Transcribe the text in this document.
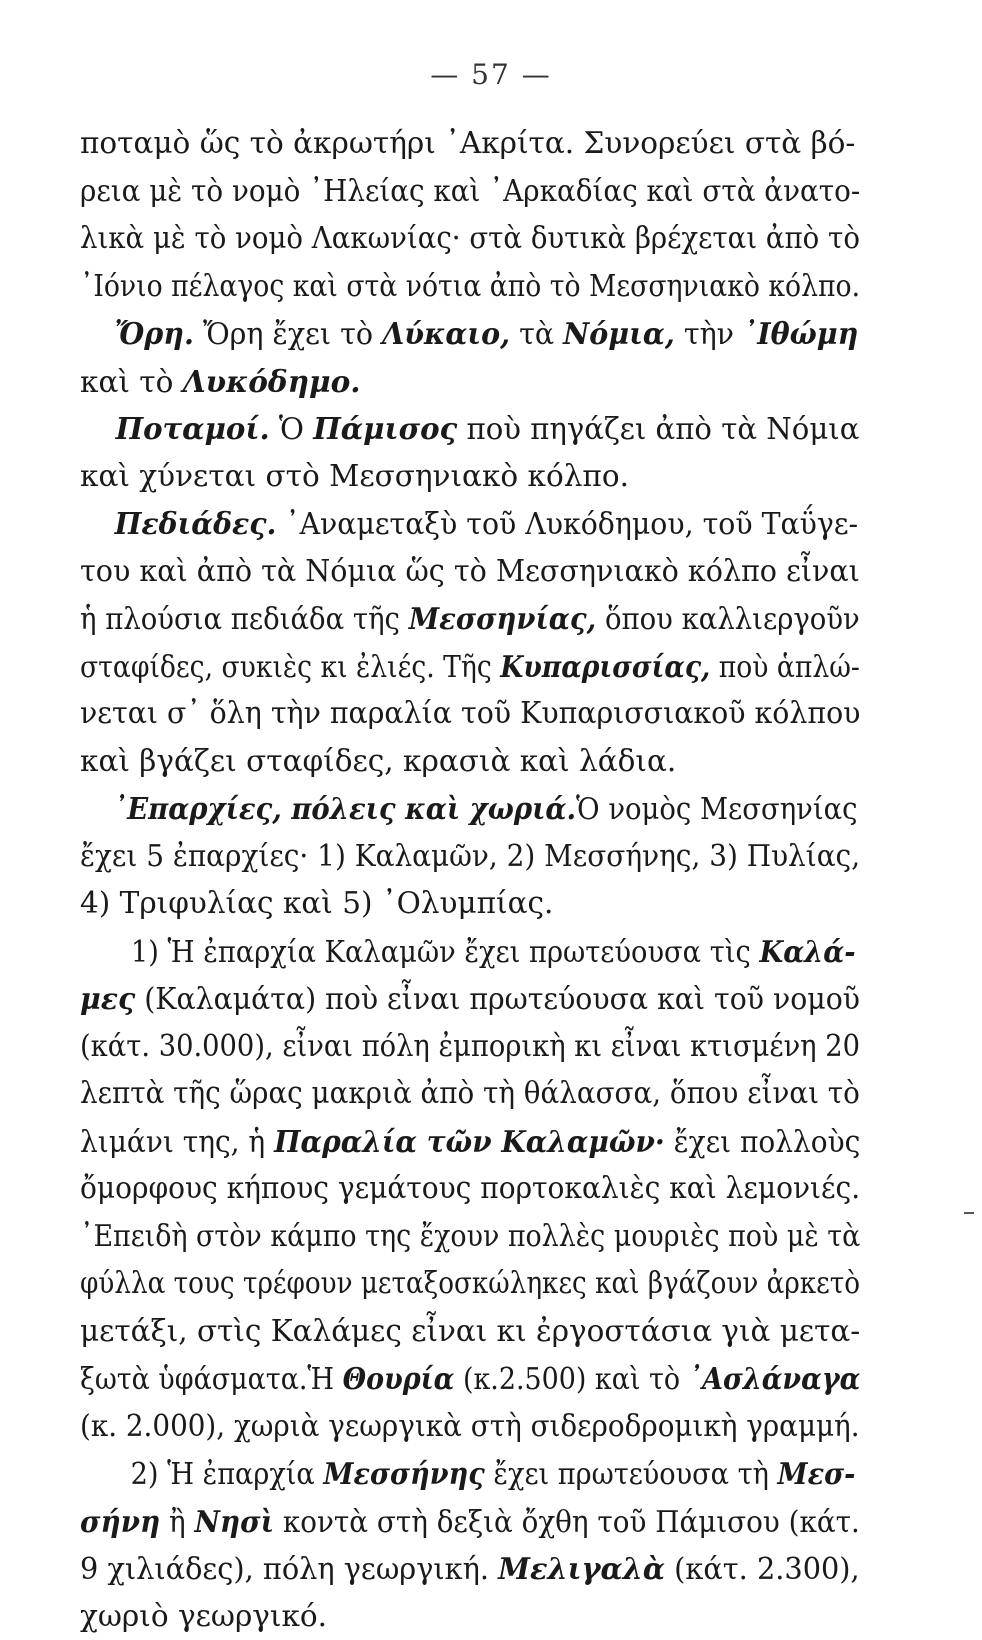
— 57 —
ποταμὸ ὥς τὸ ἀκρωτήρι ᾿Ακρίτα. Συνορεύει στὰ βό-
ρεια μὲ τὸ νομὸ ᾿Ηλείας καὶ ᾿Αρκαδίας καὶ στὰ ἀνατο-
λικὰ μὲ τὸ νομὸ Λακωνίας· στὰ δυτικὰ βρέχεται ἀπὸ τὸ
᾿Ιόνιο πέλαγος καὶ στὰ νότια ἀπὸ τὸ Μεσσηνιακὸ κόλπο.
Ὄρη. Ὄρη ἔχει τὸ Λύκαιο, τὰ Νόμια, τὴν ᾿Ιθώμη
καὶ τὸ Λυκόδημο.
Ποταμοί. Ὁ Πάμισος ποὺ πηγάζει ἀπὸ τὰ Νόμια
καὶ χύνεται στὸ Μεσσηνιακὸ κόλπο.
Πεδιάδες. ᾿Αναμεταξὺ τοῦ Λυκόδημου, τοῦ Ταΰγε-
του καὶ ἀπὸ τὰ Νόμια ὥς τὸ Μεσσηνιακὸ κόλπο εἶναι
ἡ πλούσια πεδιάδα τῆς Μεσσηνίας, ὅπου καλλιεργοῦν
σταφίδες, συκιὲς κι ἐλιές. Τῆς Κυπαρισσίας, ποὺ ἁπλώ-
νεται σ᾿ ὅλη τὴν παραλία τοῦ Κυπαρισσιακοῦ κόλπου
καὶ βγάζει σταφίδες, κρασιὰ καὶ λάδια.
᾿Επαρχίες, πόλεις καὶ χωριά.Ὁ νομὸς Μεσσηνίας
ἔχει 5 ἐπαρχίες· 1) Καλαμῶν, 2) Μεσσήνης, 3) Πυλίας,
4) Τριφυλίας καὶ 5) ᾿Ολυμπίας.
1) Ἡ ἐπαρχία Καλαμῶν ἔχει πρωτεύουσα τὶς Καλά-
μες (Καλαμάτα) ποὺ εἶναι πρωτεύουσα καὶ τοῦ νομοῦ
(κάτ. 30.000), εἶναι πόλη ἐμπορικὴ κι εἶναι κτισμένη 20
λεπτὰ τῆς ὥρας μακριὰ ἀπὸ τὴ θάλασσα, ὅπου εἶναι τὸ
λιμάνι της, ἡ Παραλία τῶν Καλαμῶν· ἔχει πολλοὺς
ὄμορφους κήπους γεμάτους πορτοκαλιὲς καὶ λεμονιές.
᾿Επειδὴ στὸν κάμπο της ἔχουν πολλὲς μουριὲς ποὺ μὲ τὰ
φύλλα τους τρέφουν μεταξοσκώληκες καὶ βγάζουν ἀρκετὸ
μετάξι, στὶς Καλάμες εἶναι κι ἐργοστάσια γιὰ μετα-
ξωτὰ ὑφάσματα.Ἡ Θουρία (κ.2.500) καὶ τὸ ᾿Ασλάναγα
(κ. 2.000), χωριὰ γεωργικὰ στὴ σιδεροδρομικὴ γραμμή.
2) Ἡ ἐπαρχία Μεσσήνης ἔχει πρωτεύουσα τὴ Μεσ-
σήνη ἢ Νησὶ κοντὰ στὴ δεξιὰ ὄχθη τοῦ Πάμισου (κάτ.
9 χιλιάδες), πόλη γεωργική. Μελιγαλὰ (κάτ. 2.300),
χωριὸ γεωργικό.
